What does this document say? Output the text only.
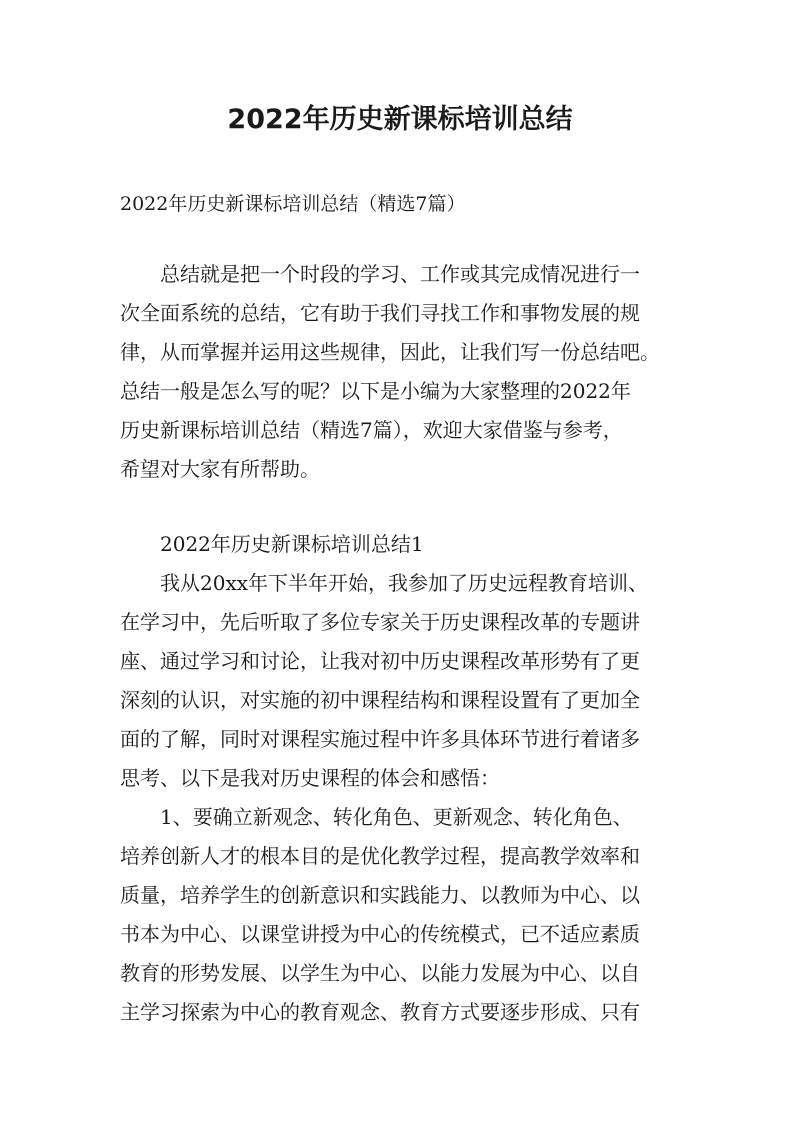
2022年历史新课标培训总结
2022年历史新课标培训总结（精选7篇）
总结就是把一个时段的学习、工作或其完成情况进行一
次全面系统的总结，它有助于我们寻找工作和事物发展的规
律，从而掌握并运用这些规律，因此，让我们写一份总结吧。
总结一般是怎么写的呢？以下是小编为大家整理的2022年
历史新课标培训总结（精选7篇），欢迎大家借鉴与参考，
希望对大家有所帮助。
2022年历史新课标培训总结1
我从20xx年下半年开始，我参加了历史远程教育培训、
在学习中，先后听取了多位专家关于历史课程改革的专题讲
座、通过学习和讨论，让我对初中历史课程改革形势有了更
深刻的认识，对实施的初中课程结构和课程设置有了更加全
面的了解，同时对课程实施过程中许多具体环节进行着诸多
思考、以下是我对历史课程的体会和感悟：
1、要确立新观念、转化角色、更新观念、转化角色、
培养创新人才的根本目的是优化教学过程，提高教学效率和
质量，培养学生的创新意识和实践能力、以教师为中心、以
书本为中心、以课堂讲授为中心的传统模式，已不适应素质
教育的形势发展、以学生为中心、以能力发展为中心、以自
主学习探索为中心的教育观念、教育方式要逐步形成、只有
